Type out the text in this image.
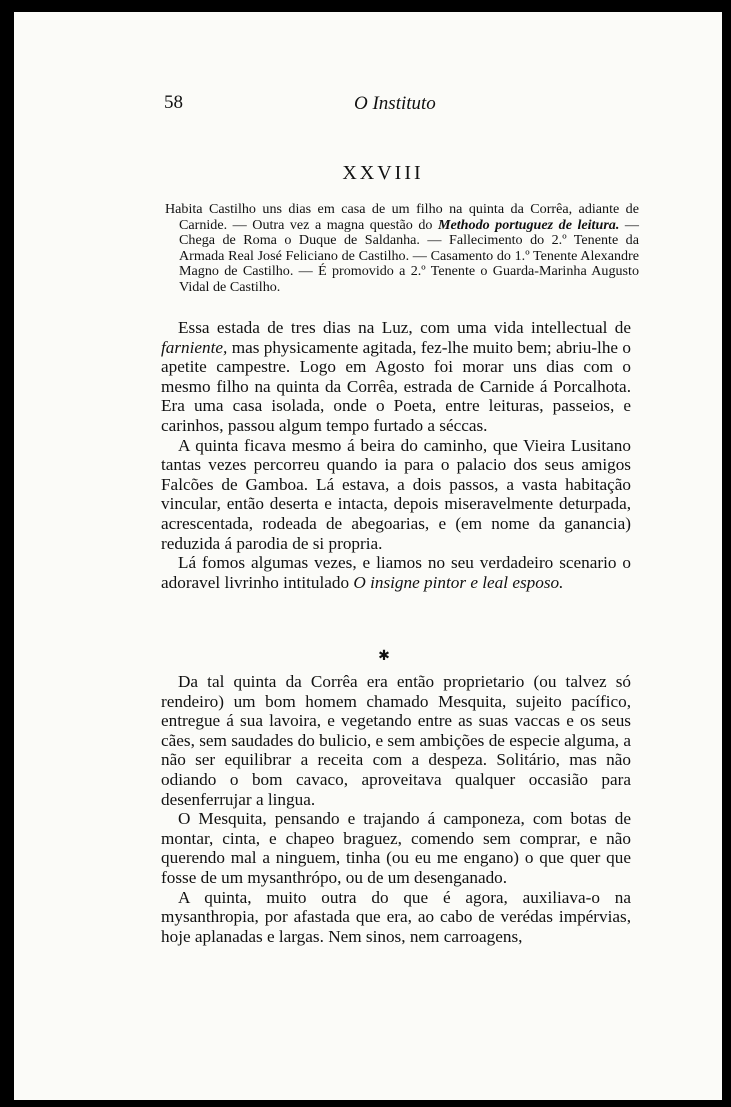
58	O Instituto
XXVIII
Habita Castilho uns dias em casa de um filho na quinta da Corrêa, adiante de Carnide. — Outra vez a magna questão do Methodo portuguez de leitura. — Chega de Roma o Duque de Saldanha. — Fallecimento do 2.º Tenente da Armada Real José Feliciano de Castilho. — Casamento do 1.º Tenente Alexandre Magno de Castilho. — É promovido a 2.º Tenente o Guarda-Marinha Augusto Vidal de Castilho.

Essa estada de tres dias na Luz, com uma vida intellectual de farniente, mas physicamente agitada, fez-lhe muito bem; abriu-lhe o apetite campestre. Logo em Agosto foi morar uns dias com o mesmo filho na quinta da Corrêa, estrada de Carnide á Porcalhota. Era uma casa isolada, onde o Poeta, entre leituras, passeios, e carinhos, passou algum tempo furtado a séccas.

A quinta ficava mesmo á beira do caminho, que Vieira Lusitano tantas vezes percorreu quando ia para o palacio dos seus amigos Falcões de Gamboa. Lá estava, a dois passos, a vasta habitação vincular, então deserta e intacta, depois miseravelmente deturpada, acrescentada, rodeada de abegoarias, e (em nome da ganancia) reduzida á parodia de si propria.

Lá fomos algumas vezes, e liamos no seu verdadeiro scenario o adoravel livrinho intitulado O insigne pintor e leal esposo.

✱

Da tal quinta da Corrêa era então proprietario (ou talvez só rendeiro) um bom homem chamado Mesquita, sujeito pacífico, entregue á sua lavoira, e vegetando entre as suas vaccas e os seus cães, sem saudades do bulicio, e sem ambições de especie alguma, a não ser equilibrar a receita com a despeza. Solitário, mas não odiando o bom cavaco, aproveitava qualquer occasião para desenferrujar a lingua.

O Mesquita, pensando e trajando á camponeza, com botas de montar, cinta, e chapeo braguez, comendo sem comprar, e não querendo mal a ninguem, tinha (ou eu me engano) o que quer que fosse de um mysanthrópo, ou de um desenganado.

A quinta, muito outra do que é agora, auxiliava-o na mysanthropia, por afastada que era, ao cabo de verédas impérvias, hoje aplanadas e largas. Nem sinos, nem carroagens,
